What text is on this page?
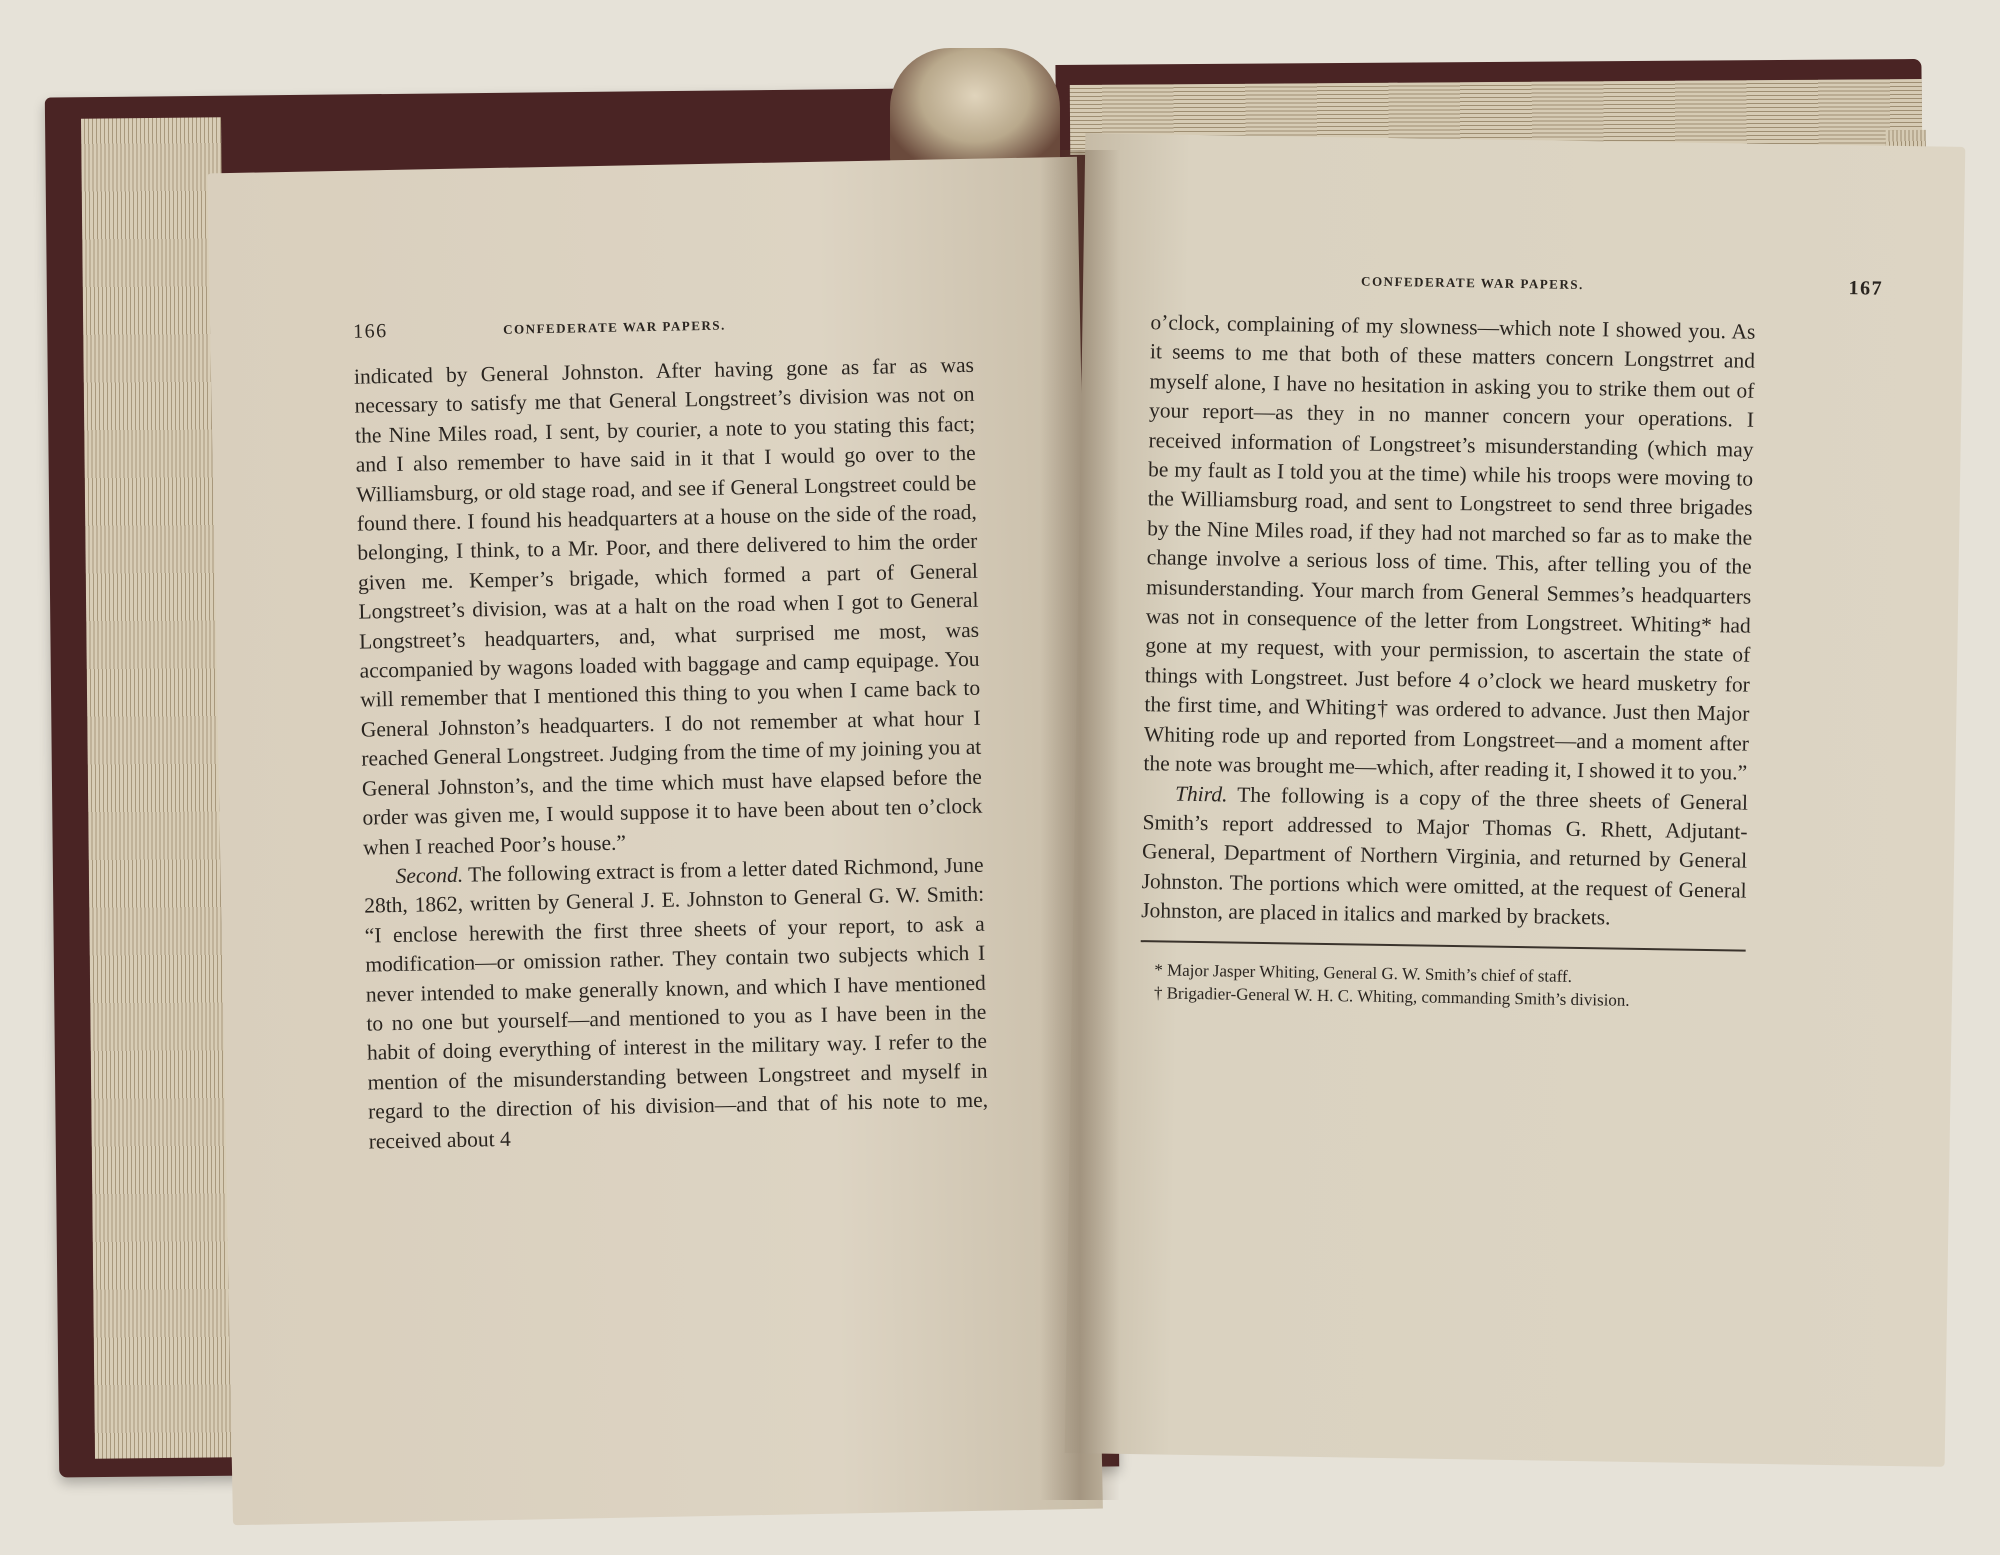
166	CONFEDERATE WAR PAPERS.

indicated by General Johnston. After having gone as far as was necessary to satisfy me that General Longstreet’s division was not on the Nine Miles road, I sent, by courier, a note to you stating this fact; and I also remember to have said in it that I would go over to the Williamsburg, or old stage road, and see if General Longstreet could be found there. I found his headquarters at a house on the side of the road, belonging, I think, to a Mr. Poor, and there delivered to him the order given me. Kemper’s brigade, which formed a part of General Longstreet’s division, was at a halt on the road when I got to General Longstreet’s headquarters, and, what surprised me most, was accompanied by wagons loaded with baggage and camp equipage. You will remember that I mentioned this thing to you when I came back to General Johnston’s headquarters. I do not remember at what hour I reached General Longstreet. Judging from the time of my joining you at General Johnston’s, and the time which must have elapsed before the order was given me, I would suppose it to have been about ten o’clock when I reached Poor’s house.”

Second. The following extract is from a letter dated Richmond, June 28th, 1862, written by General J. E. Johnston to General G. W. Smith: “I enclose herewith the first three sheets of your report, to ask a modification—or omission rather. They contain two subjects which I never intended to make generally known, and which I have mentioned to no one but yourself—and mentioned to you as I have been in the habit of doing everything of interest in the military way. I refer to the mention of the misunderstanding between Longstreet and myself in regard to the direction of his division—and that of his note to me, received about 4

CONFEDERATE WAR PAPERS.	167

o’clock, complaining of my slowness—which note I showed you. As it seems to me that both of these matters concern Longstrret and myself alone, I have no hesitation in asking you to strike them out of your report—as they in no manner concern your operations. I received information of Longstreet’s misunderstanding (which may be my fault as I told you at the time) while his troops were moving to the Williamsburg road, and sent to Longstreet to send three brigades by the Nine Miles road, if they had not marched so far as to make the change involve a serious loss of time. This, after telling you of the misunderstanding. Your march from General Semmes’s headquarters was not in consequence of the letter from Longstreet. Whiting* had gone at my request, with your permission, to ascertain the state of things with Longstreet. Just before 4 o’clock we heard musketry for the first time, and Whiting† was ordered to advance. Just then Major Whiting rode up and reported from Longstreet—and a moment after the note was brought me—which, after reading it, I showed it to you.”

Third. The following is a copy of the three sheets of General Smith’s report addressed to Major Thomas G. Rhett, Adjutant-General, Department of Northern Virginia, and returned by General Johnston. The portions which were omitted, at the request of General Johnston, are placed in italics and marked by brackets.

* Major Jasper Whiting, General G. W. Smith’s chief of staff.

† Brigadier-General W. H. C. Whiting, commanding Smith’s division.
